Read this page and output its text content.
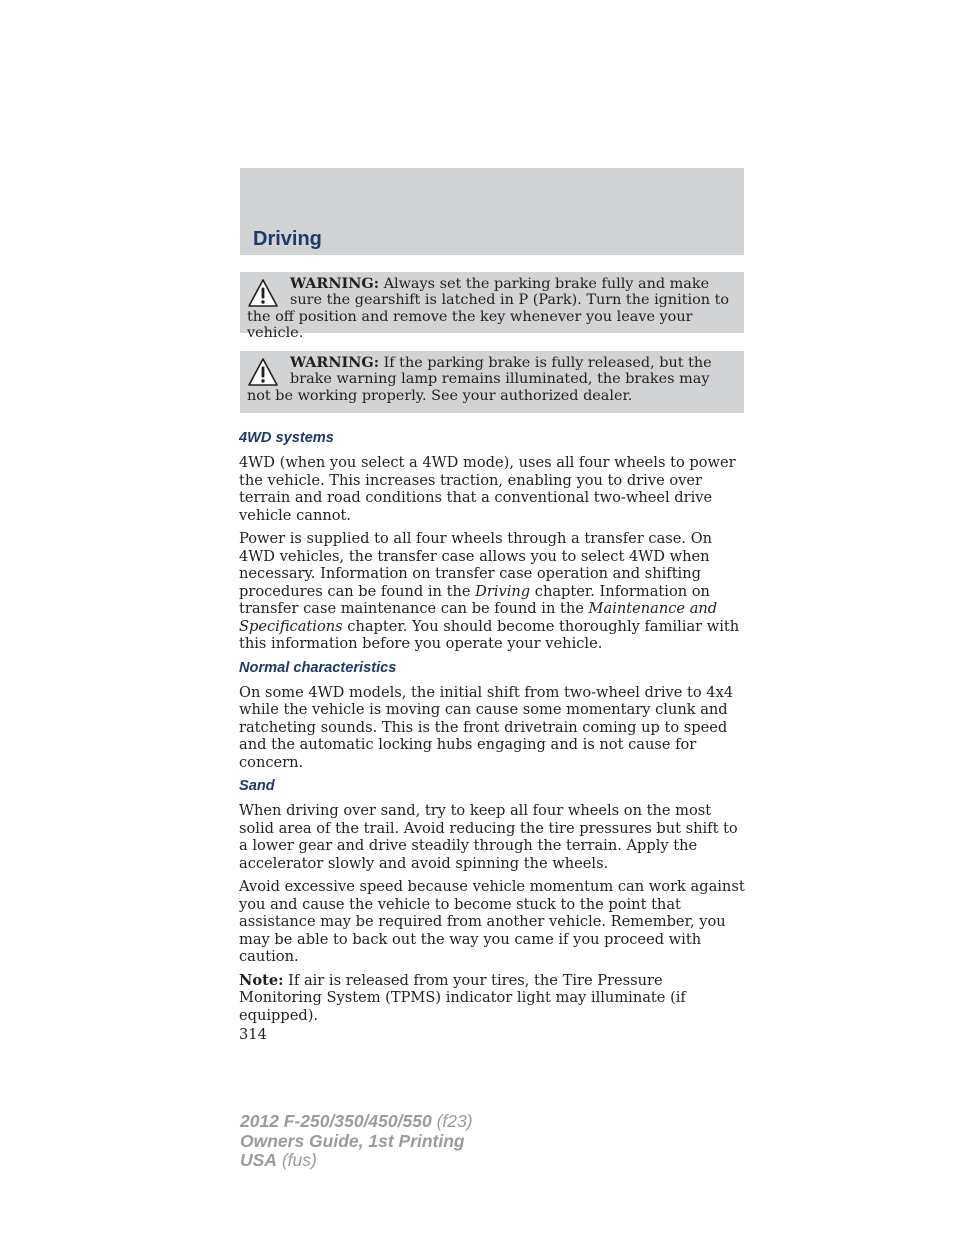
Driving
WARNING: Always set the parking brake fully and make sure the gearshift is latched in P (Park). Turn the ignition to the off position and remove the key whenever you leave your vehicle.
WARNING: If the parking brake is fully released, but the brake warning lamp remains illuminated, the brakes may not be working properly. See your authorized dealer.
4WD systems

4WD (when you select a 4WD mode), uses all four wheels to power the vehicle. This increases traction, enabling you to drive over terrain and road conditions that a conventional two-wheel drive vehicle cannot.

Power is supplied to all four wheels through a transfer case. On 4WD vehicles, the transfer case allows you to select 4WD when necessary. Information on transfer case operation and shifting procedures can be found in the Driving chapter. Information on transfer case maintenance can be found in the Maintenance and Specifications chapter. You should become thoroughly familiar with this information before you operate your vehicle.

Normal characteristics

On some 4WD models, the initial shift from two-wheel drive to 4x4 while the vehicle is moving can cause some momentary clunk and ratcheting sounds. This is the front drivetrain coming up to speed and the automatic locking hubs engaging and is not cause for concern.

Sand

When driving over sand, try to keep all four wheels on the most solid area of the trail. Avoid reducing the tire pressures but shift to a lower gear and drive steadily through the terrain. Apply the accelerator slowly and avoid spinning the wheels.

Avoid excessive speed because vehicle momentum can work against you and cause the vehicle to become stuck to the point that assistance may be required from another vehicle. Remember, you may be able to back out the way you came if you proceed with caution.

Note: If air is released from your tires, the Tire Pressure Monitoring System (TPMS) indicator light may illuminate (if equipped).

314
2012 F-250/350/450/550 (f23)
Owners Guide, 1st Printing
USA (fus)
